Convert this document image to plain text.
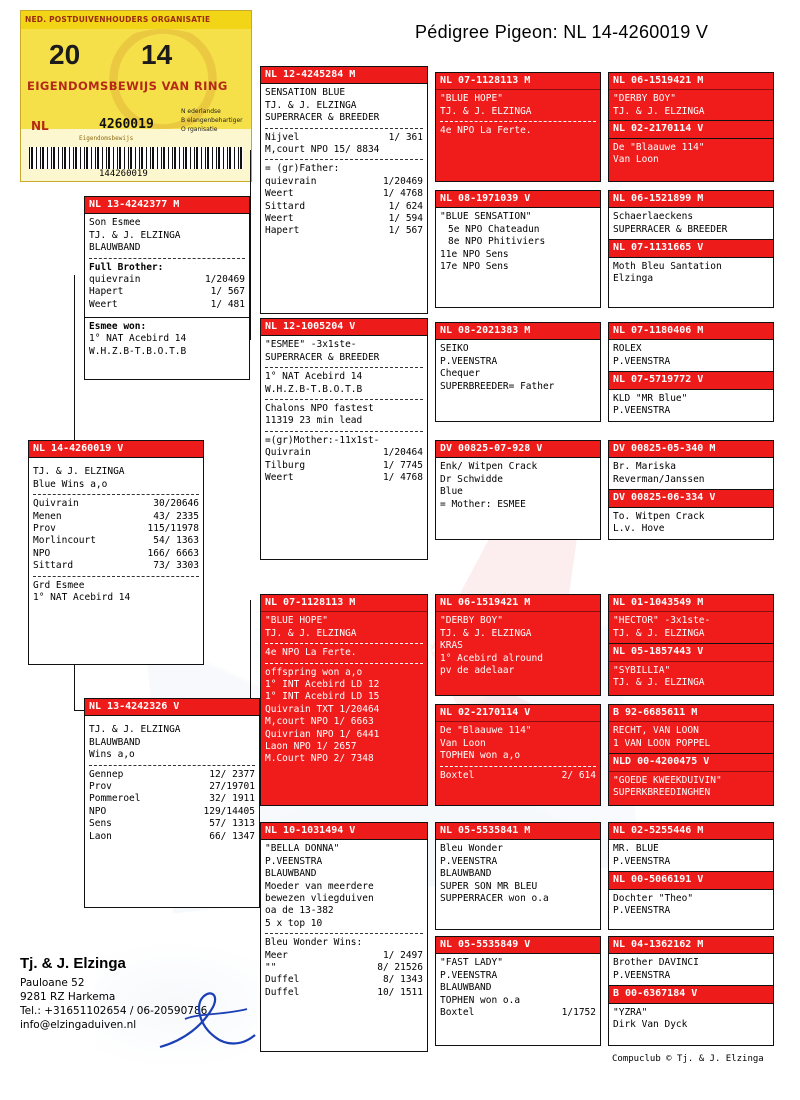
Pédigree Pigeon: NL 14-4260019 V
NED. POSTDUIVENHOUDERS ORGANISATIE
20 14
EIGENDOMSBEWIJS VAN RING
NL	4260019
Eigendomsbewijs
N ederlandse
B elangenbehartiger
O rganisatie
144260019
NL 13-4242377 M
Son Esmee
TJ. & J. ELZINGA
BLAUWBAND
Full Brother:
quievrain	1/20469
Hapert	1/ 567
Weert	1/ 481
Esmee won:
1° NAT Acebird 14
W.H.Z.B-T.B.O.T.B
NL 14-4260019 V
TJ. & J. ELZINGA
Blue Wins a,o
Quivrain	30/20646
Menen	43/ 2335
Prov	115/11978
Morlincourt	54/ 1363
NPO	166/ 6663
Sittard	73/ 3303
Grd Esmee
1° NAT Acebird 14
NL 13-4242326 V
TJ. & J. ELZINGA
BLAUWBAND
Wins a,o
Gennep	12/ 2377
Prov	27/19701
Pommeroel	32/ 1911
NPO	129/14405
Sens	57/ 1313
Laon	66/ 1347
NL 12-4245284 M
SENSATION BLUE
TJ. & J. ELZINGA
SUPERRACER & BREEDER
Nijvel	1/ 361
M,court NPO 15/ 8834
= (gr)Father:
quievrain	1/20469
Weert	1/ 4768
Sittard	1/ 624
Weert	1/ 594
Hapert	1/ 567
NL 12-1005204 V
"ESMEE" -3x1ste-
SUPERRACER & BREEDER
1° NAT Acebird 14
W.H.Z.B-T.B.O.T.B
Chalons NPO fastest
11319 23 min lead
=(gr)Mother:-11x1st-
Quivrain	1/20464
Tilburg	1/ 7745
Weert	1/ 4768
NL 07-1128113 M
"BLUE HOPE"
TJ. & J. ELZINGA
4e NPO La Ferte.
offspring won a,o
1° INT Acebird LD 12
1° INT Acebird LD 15
Quivrain TXT 1/20464
M,court NPO 1/ 6663
Quivrian NPO 1/ 6441
Laon NPO 1/ 2657
M.Court NPO 2/ 7348
NL 10-1031494 V
"BELLA DONNA"
P.VEENSTRA
BLAUWBAND
Moeder van meerdere
bewezen vliegduiven
oa de 13-382
5 x top 10
Bleu Wonder Wins:
Meer	1/ 2497
""	8/ 21526
Duffel	8/ 1343
Duffel	10/ 1511
NL 07-1128113 M
"BLUE HOPE"
TJ. & J. ELZINGA
4e NPO La Ferte.
NL 08-1971039 V
"BLUE SENSATION"
5e NPO Chateadun
8e NPO Phitiviers
11e NPO Sens
17e NPO Sens
NL 08-2021383 M
SEIKO
P.VEENSTRA
Chequer
SUPERBREEDER= Father
DV 00825-07-928 V
Enk/ Witpen Crack
Dr Schwidde
Blue
= Mother: ESMEE
NL 06-1519421 M
"DERBY BOY"
TJ. & J. ELZINGA
KRAS
1° Acebird alround
pv de adelaar
NL 02-2170114 V
De "Blaauwe 114"
Van Loon
TOPHEN won a,o
Boxtel	2/ 614
NL 05-5535841 M
Bleu Wonder
P.VEENSTRA
BLAUWBAND
SUPER SON MR BLEU
SUPPERRACER won o.a
NL 05-5535849 V
"FAST LADY"
P.VEENSTRA
BLAUWBAND
TOPHEN won o.a
Boxtel	1/1752
NL 06-1519421 M
"DERBY BOY"
TJ. & J. ELZINGA
NL 02-2170114 V
De "Blaauwe 114"
Van Loon
NL 06-1521899 M
Schaerlaeckens
SUPERRACER & BREEDER
NL 07-1131665 V
Moth Bleu Santation
Elzinga
NL 07-1180406 M
ROLEX
P.VEENSTRA
NL 07-5719772 V
KLD "MR Blue"
P.VEENSTRA
DV 00825-05-340 M
Br. Mariska
Reverman/Janssen
DV 00825-06-334 V
To. Witpen Crack
L.v. Hove
NL 01-1043549 M
"HECTOR" -3x1ste-
TJ. & J. ELZINGA
NL 05-1857443 V
"SYBILLIA"
TJ. & J. ELZINGA
B 92-6685611 M
RECHT, VAN LOON
1 VAN LOON POPPEL
NLD 00-4200475 V
"GOEDE KWEEKDUIVIN"
SUPERKBREEDINGHEN
NL 02-5255446 M
MR. BLUE
P.VEENSTRA
NL 00-5066191 V
Dochter "Theo"
P.VEENSTRA
NL 04-1362162 M
Brother DAVINCI
P.VEENSTRA
B 00-6367184 V
"YZRA"
Dirk Van Dyck
Tj. & J. Elzinga
Pauloane 52
9281 RZ Harkema
Tel.: +31651102654 / 06-20590786
info@elzingaduiven.nl
Compuclub © Tj. & J. Elzinga
